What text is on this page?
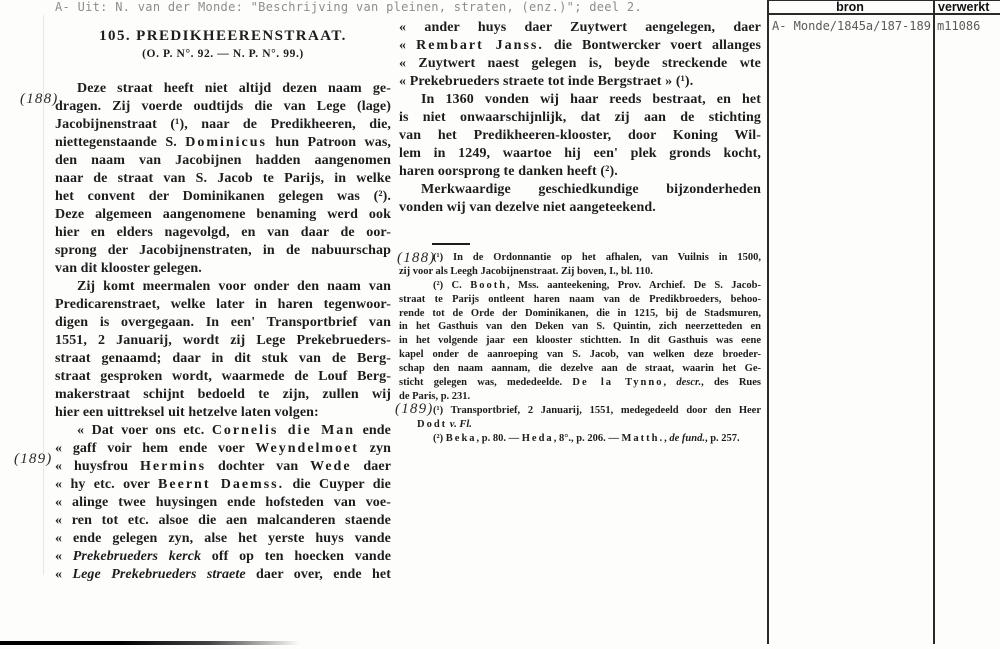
A- Uit: N. van der Monde: "Beschrijving van pleinen, straten, (enz.)"; deel 2.	bron	verwerkt
A- Monde/1845a/187-189 m11086
105. PREDIKHEERENSTRAAT.
(O. P. N°. 92. — N. P. N°. 99.)
Deze straat heeft niet altijd dezen naam ge-
dragen. Zij voerde oudtijds die van Lege (lage)
Jacobijnenstraat (¹), naar de Predikheeren, die,
niettegenstaande S. Dominicus hun Patroon was,
den naam van Jacobijnen hadden aangenomen
naar de straat van S. Jacob te Parijs, in welke
het convent der Dominikanen gelegen was (²).
Deze algemeen aangenomene benaming werd ook
hier en elders nagevolgd, en van daar de oor-
sprong der Jacobijnenstraten, in de nabuurschap
van dit klooster gelegen.
Zij komt meermalen voor onder den naam van
Predicarenstraet, welke later in haren tegenwoor-
digen is overgegaan. In een' Transportbrief van
1551, 2 Januarij, wordt zij Lege Prekebrueders-
straat genaamd; daar in dit stuk van de Berg-
straat gesproken wordt, waarmede de Louf Berg-
makerstraat schijnt bedoeld te zijn, zullen wij
hier een uittreksel uit hetzelve laten volgen:
« Dat voer ons etc. Cornelis die Man ende
« gaff voir hem ende voer Weyndelmoet zyn
« huysfrou Hermins dochter van Wede daer
« hy etc. over Beernt Daemss. die Cuyper die
« alinge twee huysingen ende hofsteden van voe-
« ren tot etc. alsoe die aen malcanderen staende
« ende gelegen zyn, alse het yerste huys vande
« Prekebrueders kerck off op ten hoecken vande
« Lege Prekebrueders straete daer over, ende het
« ander huys daer Zuytwert aengelegen, daer
« Rembart Janss. die Bontwercker voert allanges
« Zuytwert naest gelegen is, beyde streckende wte
« Prekebrueders straete tot inde Bergstraet » (¹).
In 1360 vonden wij haar reeds bestraat, en het
is niet onwaarschijnlijk, dat zij aan de stichting
van het Predikheeren-klooster, door Koning Wil-
lem in 1249, waartoe hij een' plek gronds kocht,
haren oorsprong te danken heeft (²).
Merkwaardige geschiedkundige bijzonderheden
vonden wij van dezelve niet aangeteekend.
(¹) In de Ordonnantie op het afhalen, van Vuilnis in 1500,
zij voor als Leegh Jacobijnenstraat. Zij boven, I., bl. 110.
(²) C. Booth, Mss. aanteekening, Prov. Archief. De S. Jacob-
straat te Parijs ontleent haren naam van de Predikbroeders, behoo-
rende tot de Orde der Dominikanen, die in 1215, bij de Stadsmuren,
in het Gasthuis van den Deken van S. Quintin, zich neerzetteden en
in het volgende jaar een klooster stichtten. In dit Gasthuis was eene
kapel onder de aanroeping van S. Jacob, van welken deze broeder-
schap den naam aannam, die dezelve aan de straat, waarin het Ge-
sticht gelegen was, mededeelde. De la Tynno, descr., des Rues
de Paris, p. 231.
(¹) Transportbrief, 2 Januarij, 1551, medegedeeld door den Heer
Dodt v. Fl.
(²) Beka, p. 80. — Heda, 8°., p. 206. — Matth., de fund., p. 257.
(188)
(189)
(188)
(189)
